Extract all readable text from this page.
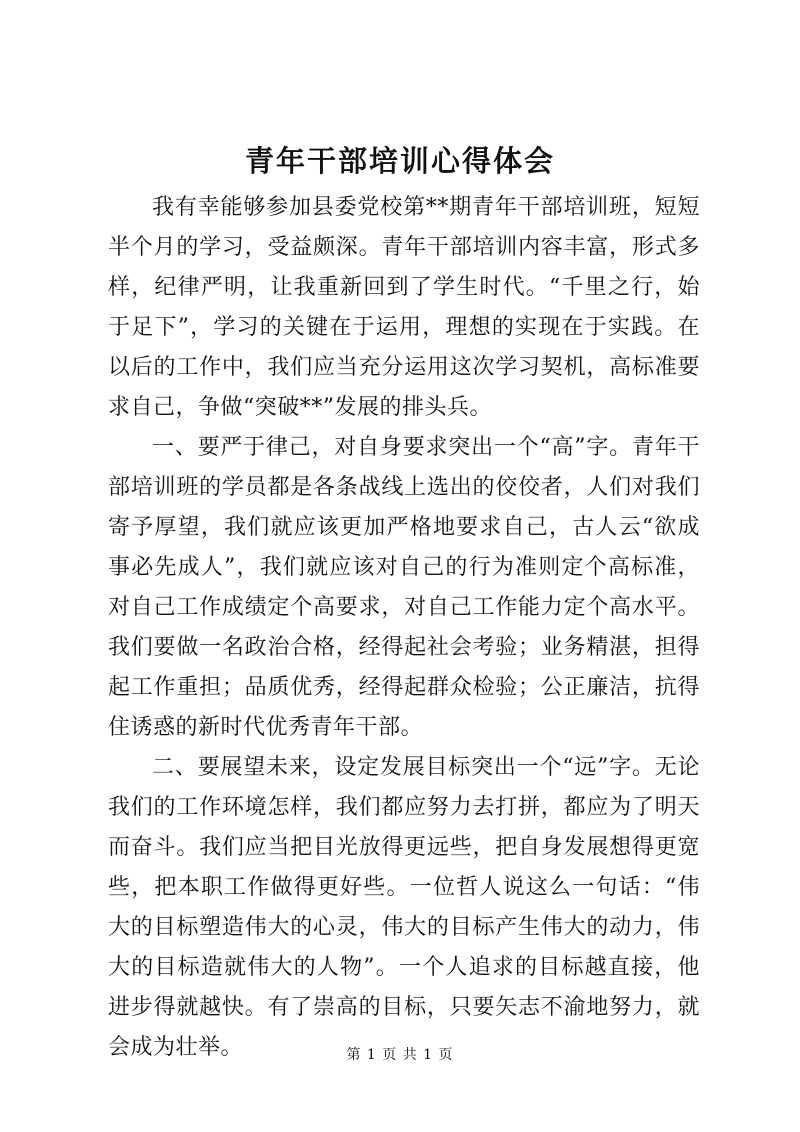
青年干部培训心得体会

我有幸能够参加县委党校第**期青年干部培训班，短短半个月的学习，受益颇深。青年干部培训内容丰富，形式多样，纪律严明，让我重新回到了学生时代。“千里之行，始于足下”，学习的关键在于运用，理想的实现在于实践。在以后的工作中，我们应当充分运用这次学习契机，高标准要求自己，争做“突破**”发展的排头兵。

一、要严于律己，对自身要求突出一个“高”字。青年干部培训班的学员都是各条战线上选出的佼佼者，人们对我们寄予厚望，我们就应该更加严格地要求自己，古人云“欲成事必先成人”，我们就应该对自己的行为准则定个高标准，对自己工作成绩定个高要求，对自己工作能力定个高水平。我们要做一名政治合格，经得起社会考验；业务精湛，担得起工作重担；品质优秀，经得起群众检验；公正廉洁，抗得住诱惑的新时代优秀青年干部。

二、要展望未来，设定发展目标突出一个“远”字。无论我们的工作环境怎样，我们都应努力去打拼，都应为了明天而奋斗。我们应当把目光放得更远些，把自身发展想得更宽些，把本职工作做得更好些。一位哲人说这么一句话：“伟大的目标塑造伟大的心灵，伟大的目标产生伟大的动力，伟大的目标造就伟大的人物”。一个人追求的目标越直接，他进步得就越快。有了崇高的目标，只要矢志不渝地努力，就会成为壮举。	第 1 页 共 1 页
